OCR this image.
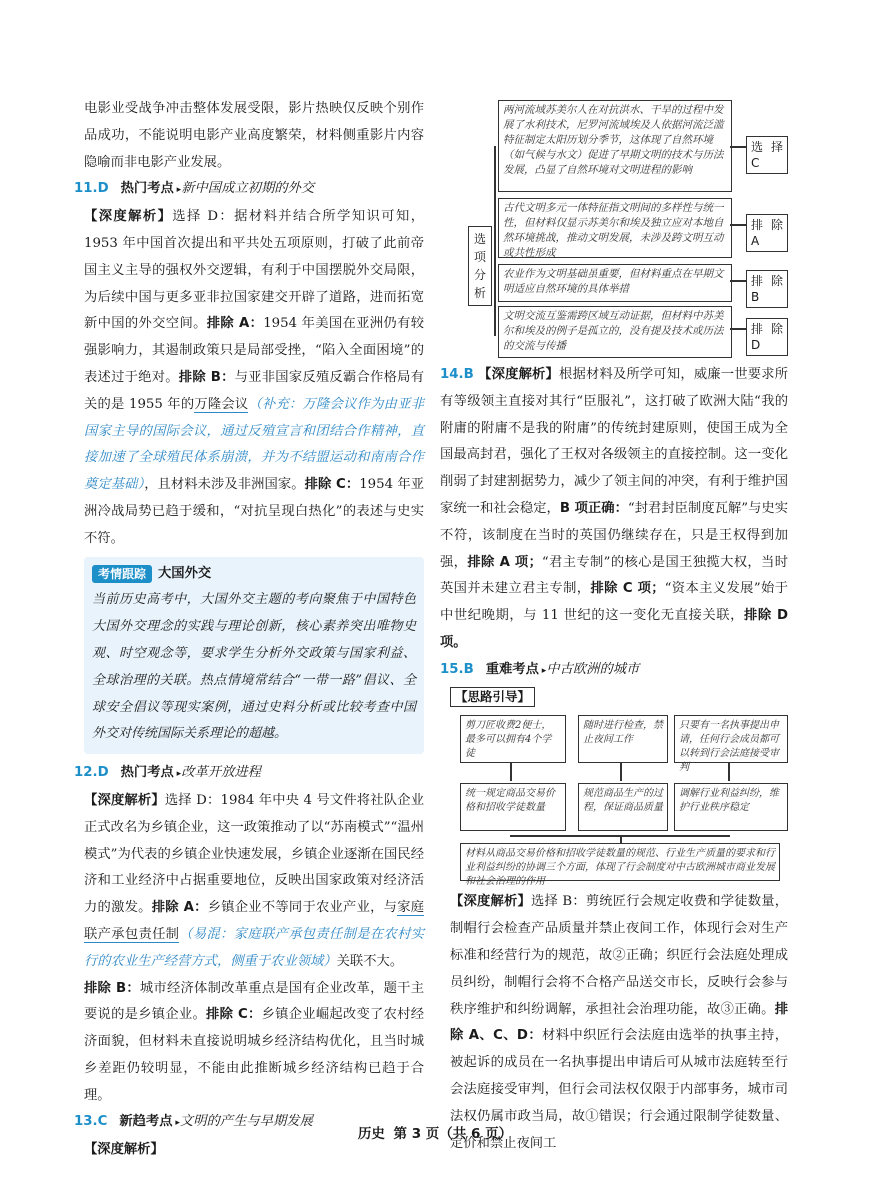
电影业受战争冲击整体发展受限，影片热映仅反映个别作品成功，不能说明电影产业高度繁荣，材料侧重影片内容隐喻而非电影产业发展。

11.D 热门考点 ▸新中国成立初期的外交

【深度解析】选择 D：据材料并结合所学知识可知，1953 年中国首次提出和平共处五项原则，打破了此前帝国主义主导的强权外交逻辑，有利于中国摆脱外交局限，为后续中国与更多亚非拉国家建交开辟了道路，进而拓宽新中国的外交空间。排除 A：1954 年美国在亚洲仍有较强影响力，其遏制政策只是局部受挫，“陷入全面困境”的表述过于绝对。排除 B：与亚非国家反殖反霸合作格局有关的是 1955 年的万隆会议（补充：万隆会议作为由亚非国家主导的国际会议，通过反殖宣言和团结合作精神，直接加速了全球殖民体系崩溃，并为不结盟运动和南南合作奠定基础），且材料未涉及非洲国家。排除 C：1954 年亚洲冷战局势已趋于缓和，“对抗呈现白热化”的表述与史实不符。

考情跟踪 大国外交

当前历史高考中，大国外交主题的考向聚焦于中国特色大国外交理念的实践与理论创新，核心素养突出唯物史观、时空观念等，要求学生分析外交政策与国家利益、全球治理的关联。热点情境常结合“一带一路”倡议、全球安全倡议等现实案例，通过史料分析或比较考查中国外交对传统国际关系理论的超越。

12.D 热门考点 ▸改革开放进程

【深度解析】选择 D：1984 年中央 4 号文件将社队企业正式改名为乡镇企业，这一政策推动了以“苏南模式”“温州模式”为代表的乡镇企业快速发展，乡镇企业逐渐在国民经济和工业经济中占据重要地位，反映出国家政策对经济活力的激发。排除 A：乡镇企业不等同于农业产业，与家庭联产承包责任制（易混：家庭联产承包责任制是在农村实行的农业生产经营方式，侧重于农业领域）关联不大。
排除 B：城市经济体制改革重点是国有企业改革，题干主要说的是乡镇企业。排除 C：乡镇企业崛起改变了农村经济面貌，但材料未直接说明城乡经济结构优化，且当时城乡差距仍较明显，不能由此推断城乡经济结构已趋于合理。

13.C 新趋考点 ▸文明的产生与早期发展

【深度解析】

两河流域苏美尔人在对抗洪水、干旱的过程中发展了水利技术，尼罗河流域埃及人依据河流泛滥特征制定太阳历划分季节，这体现了自然环境（如气候与水文）促进了早期文明的技术与历法发展，凸显了自然环境对文明进程的影响
选择C
选项分析
古代文明多元一体特征指文明间的多样性与统一性，但材料仅显示苏美尔和埃及独立应对本地自然环境挑战，推动文明发展，未涉及跨文明互动或共性形成
排除A
农业作为文明基础虽重要，但材料重点在早期文明适应自然环境的具体举措
排除B
文明交流互鉴需跨区域互动证据，但材料中苏美尔和埃及的例子是孤立的，没有提及技术或历法的交流与传播
排除D
14.B 【深度解析】根据材料及所学可知，威廉一世要求所有等级领主直接对其行“臣服礼”，这打破了欧洲大陆“我的附庸的附庸不是我的附庸”的传统封建原则，使国王成为全国最高封君，强化了王权对各级领主的直接控制。这一变化削弱了封建割据势力，减少了领主间的冲突，有利于维护国家统一和社会稳定，B 项正确：“封君封臣制度瓦解”与史实不符，该制度在当时的英国仍继续存在，只是王权得到加强，排除 A 项；“君主专制”的核心是国王独揽大权，当时英国并未建立君主专制，排除 C 项；“资本主义发展”始于中世纪晚期，与 11 世纪的这一变化无直接关联，排除 D 项。
15.B 重难考点 ▸中古欧洲的城市
【思路引导】
剪刀匠收费2便士，最多可以拥有4个学徒
随时进行检查，禁止夜间工作
只要有一名执事提出申请，任何行会成员都可以转到行会法庭接受审判
统一规定商品交易价格和招收学徒数量
规范商品生产的过程，保证商品质量
调解行业利益纠纷，维护行业秩序稳定
材料从商品交易价格和招收学徒数量的规范、行业生产质量的要求和行业利益纠纷的协调三个方面，体现了行会制度对中古欧洲城市商业发展和社会治理的作用

【深度解析】选择 B：剪统匠行会规定收费和学徒数量，制帽行会检查产品质量并禁止夜间工作，体现行会对生产标准和经营行为的规范，故②正确；织匠行会法庭处理成员纠纷，制帽行会将不合格产品送交市长，反映行会参与秩序维护和纠纷调解，承担社会治理功能，故③正确。排除 A、C、D：材料中织匠行会法庭由选举的执事主持，被起诉的成员在一名执事提出申请后可从城市法庭转至行会法庭接受审判，但行会司法权仅限于内部事务，城市司法权仍属市政当局，故①错误；行会通过限制学徒数量、定价和禁止夜间工

历史 第 3 页（共 6 页）
